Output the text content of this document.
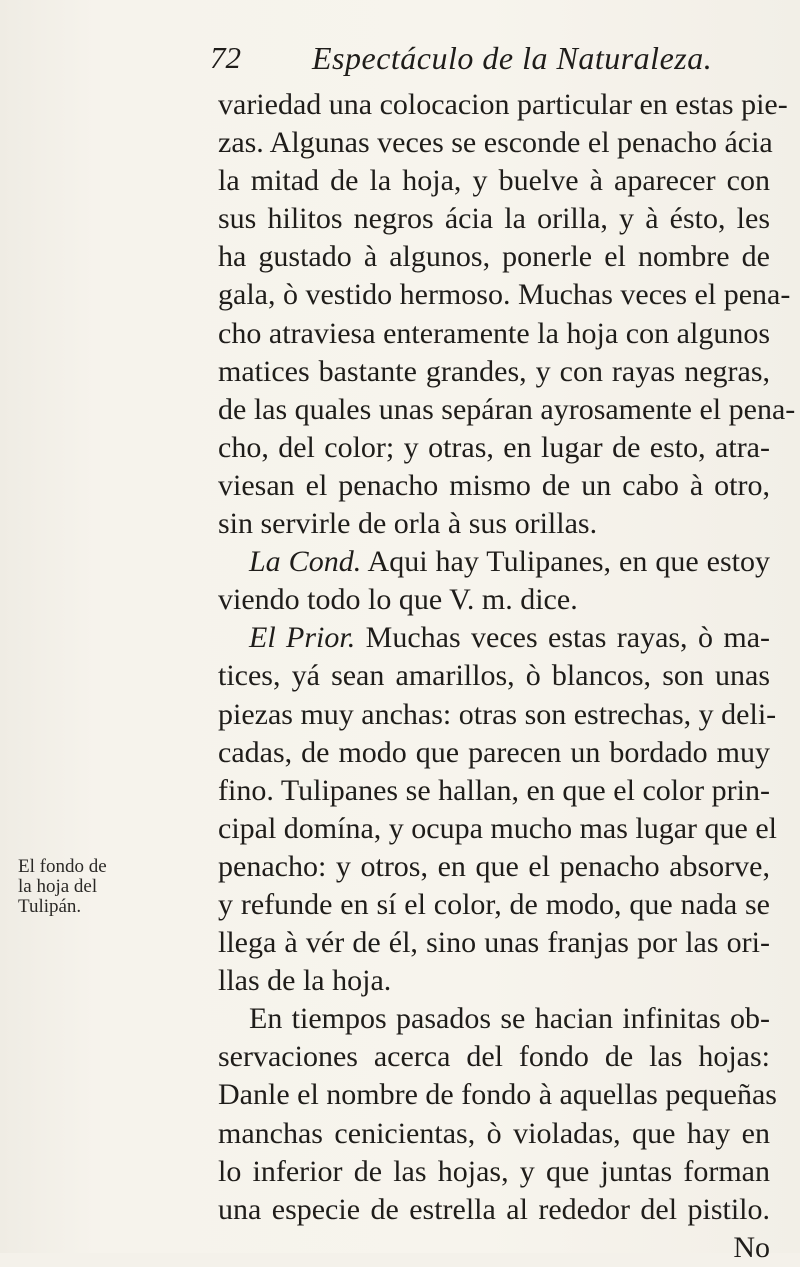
72 Espectáculo de la Naturaleza.
El fondo de
la hoja del
Tulipán.
variedad una colocacion particular en estas pie-
zas. Algunas veces se esconde el penacho ácia
la mitad de la hoja, y buelve à aparecer con
sus hilitos negros ácia la orilla, y à ésto, les
ha gustado à algunos, ponerle el nombre de
gala, ò vestido hermoso. Muchas veces el pena-
cho atraviesa enteramente la hoja con algunos
matices bastante grandes, y con rayas negras,
de las quales unas sepáran ayrosamente el pena-
cho, del color; y otras, en lugar de esto, atra-
viesan el penacho mismo de un cabo à otro,
sin servirle de orla à sus orillas.
La Cond. Aqui hay Tulipanes, en que estoy
viendo todo lo que V. m. dice.
El Prior. Muchas veces estas rayas, ò ma-
tices, yá sean amarillos, ò blancos, son unas
piezas muy anchas: otras son estrechas, y deli-
cadas, de modo que parecen un bordado muy
fino. Tulipanes se hallan, en que el color prin-
cipal domína, y ocupa mucho mas lugar que el
penacho: y otros, en que el penacho absorve,
y refunde en sí el color, de modo, que nada se
llega à vér de él, sino unas franjas por las ori-
llas de la hoja.
En tiempos pasados se hacian infinitas ob-
servaciones acerca del fondo de las hojas:
Danle el nombre de fondo à aquellas pequeñas
manchas cenicientas, ò violadas, que hay en
lo inferior de las hojas, y que juntas forman
una especie de estrella al rededor del pistilo.
No
